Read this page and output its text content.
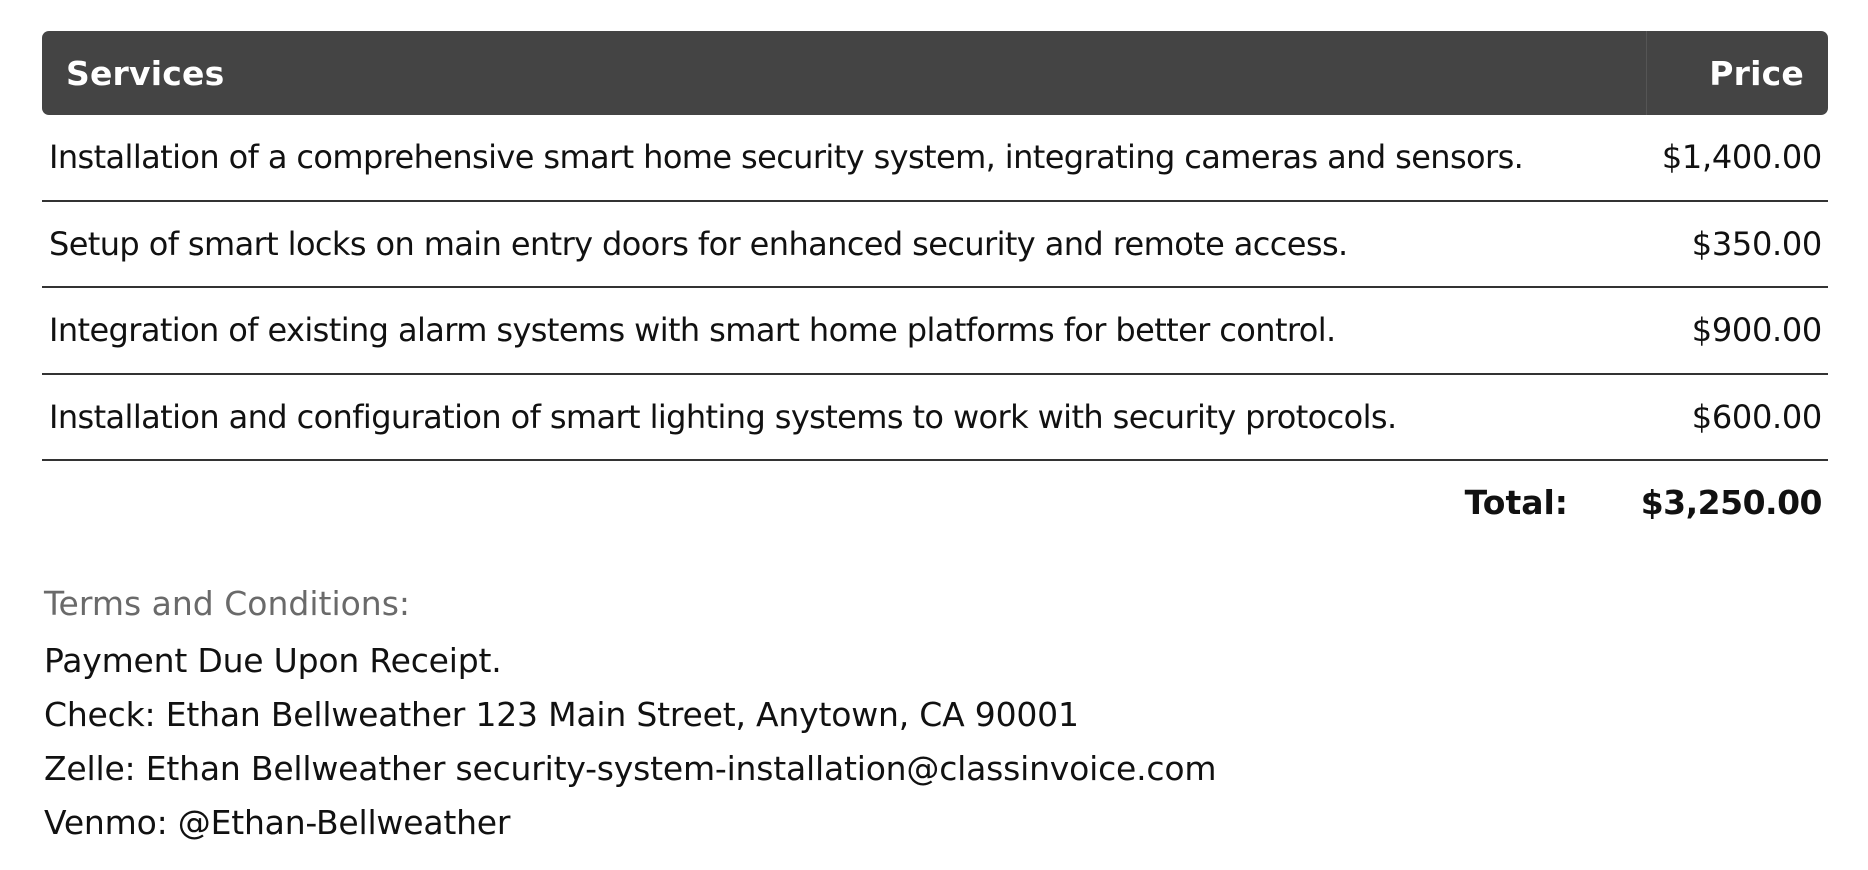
Services	Price
Installation of a comprehensive smart home security system, integrating cameras and sensors.	$1,400.00
Setup of smart locks on main entry doors for enhanced security and remote access.	$350.00
Integration of existing alarm systems with smart home platforms for better control.	$900.00
Installation and configuration of smart lighting systems to work with security protocols.	$600.00
Total: $3,250.00
Terms and Conditions:
Payment Due Upon Receipt.
Check: Ethan Bellweather 123 Main Street, Anytown, CA 90001
Zelle: Ethan Bellweather security-system-installation@classinvoice.com
Venmo: @Ethan-Bellweather
